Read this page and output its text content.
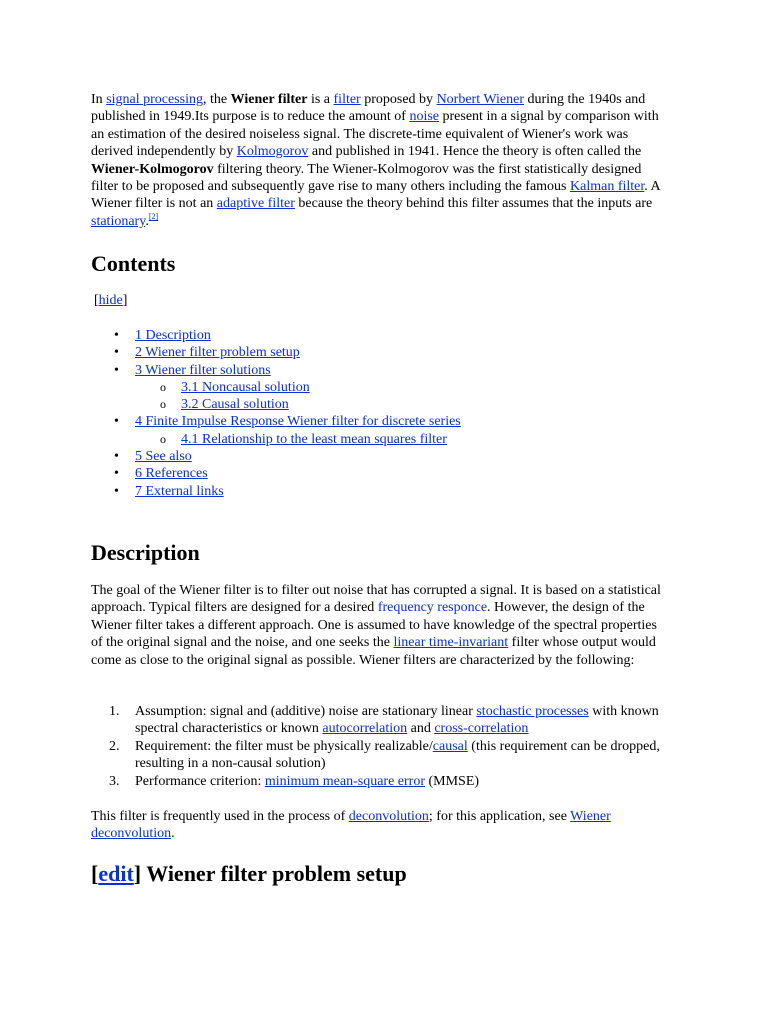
In signal processing, the Wiener filter is a filter proposed by Norbert Wiener during the 1940s and published in 1949.Its purpose is to reduce the amount of noise present in a signal by comparison with an estimation of the desired noiseless signal. The discrete-time equivalent of Wiener's work was derived independently by Kolmogorov and published in 1941. Hence the theory is often called the Wiener-Kolmogorov filtering theory. The Wiener-Kolmogorov was the first statistically designed filter to be proposed and subsequently gave rise to many others including the famous Kalman filter. A Wiener filter is not an adaptive filter because the theory behind this filter assumes that the inputs are stationary.[2]

Contents
[hide]
• 1 Description
• 2 Wiener filter problem setup
• 3 Wiener filter solutions
o 3.1 Noncausal solution
o 3.2 Causal solution
• 4 Finite Impulse Response Wiener filter for discrete series
o 4.1 Relationship to the least mean squares filter
• 5 See also
• 6 References
• 7 External links
Description

The goal of the Wiener filter is to filter out noise that has corrupted a signal. It is based on a statistical approach. Typical filters are designed for a desired frequency responce. However, the design of the Wiener filter takes a different approach. One is assumed to have knowledge of the spectral properties of the original signal and the noise, and one seeks the linear time-invariant filter whose output would come as close to the original signal as possible. Wiener filters are characterized by the following:

1. Assumption: signal and (additive) noise are stationary linear stochastic processes with known spectral characteristics or known autocorrelation and cross-correlation
2. Requirement: the filter must be physically realizable/causal (this requirement can be dropped, resulting in a non-causal solution)
3. Performance criterion: minimum mean-square error (MMSE)

This filter is frequently used in the process of deconvolution; for this application, see Wiener deconvolution.

[edit] Wiener filter problem setup
